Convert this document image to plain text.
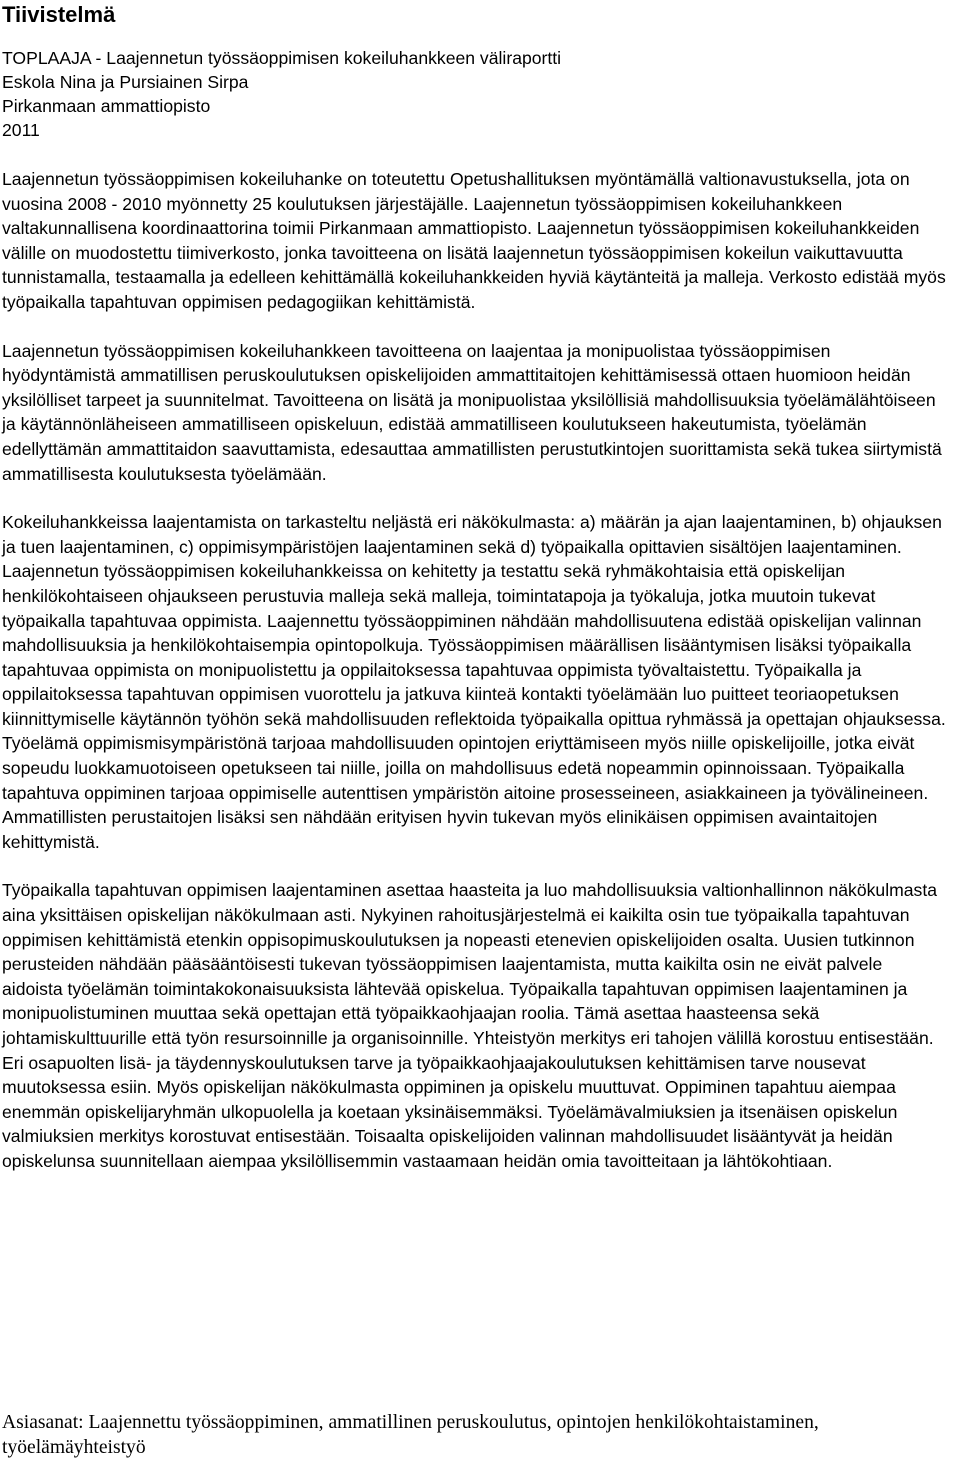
Tiivistelmä
TOPLAAJA - Laajennetun työssäoppimisen kokeiluhankkeen väliraportti
Eskola Nina ja Pursiainen Sirpa
Pirkanmaan ammattiopisto
2011

Laajennetun työssäoppimisen kokeiluhanke on toteutettu Opetushallituksen myöntämällä valtionavustuksella, jota on vuosina 2008 - 2010 myönnetty 25 koulutuksen järjestäjälle. Laajennetun työssäoppimisen kokeiluhankkeen valtakunnallisena koordinaattorina toimii Pirkanmaan ammattiopisto. Laajennetun työssäoppimisen kokeiluhankkeiden välille on muodostettu tiimiverkosto, jonka tavoitteena on lisätä laajennetun työssäoppimisen kokeilun vaikuttavuutta tunnistamalla, testaamalla ja edelleen kehittämällä kokeiluhankkeiden hyviä käytänteitä ja malleja. Verkosto edistää myös työpaikalla tapahtuvan oppimisen pedagogiikan kehittämistä.

Laajennetun työssäoppimisen kokeiluhankkeen tavoitteena on laajentaa ja monipuolistaa työssäoppimisen hyödyntämistä ammatillisen peruskoulutuksen opiskelijoiden ammattitaitojen kehittämisessä ottaen huomioon heidän yksilölliset tarpeet ja suunnitelmat. Tavoitteena on lisätä ja monipuolistaa yksilöllisiä mahdollisuuksia työelämälähtöiseen ja käytännönläheiseen ammatilliseen opiskeluun, edistää ammatilliseen koulutukseen hakeutumista, työelämän edellyttämän ammattitaidon saavuttamista, edesauttaa ammatillisten perustutkintojen suorittamista sekä tukea siirtymistä ammatillisesta koulutuksesta työelämään.

Kokeiluhankkeissa laajentamista on tarkasteltu neljästä eri näkökulmasta: a) määrän ja ajan laajentaminen, b) ohjauksen ja tuen laajentaminen, c) oppimisympäristöjen laajentaminen sekä d) työpaikalla opittavien sisältöjen laajentaminen. Laajennetun työssäoppimisen kokeiluhankkeissa on kehitetty ja testattu sekä ryhmäkohtaisia että opiskelijan henkilökohtaiseen ohjaukseen perustuvia malleja sekä malleja, toimintatapoja ja työkaluja, jotka muutoin tukevat työpaikalla tapahtuvaa oppimista. Laajennettu työssäoppiminen nähdään mahdollisuutena edistää opiskelijan valinnan mahdollisuuksia ja henkilökohtaisempia opintopolkuja. Työssäoppimisen määrällisen lisääntymisen lisäksi työpaikalla tapahtuvaa oppimista on monipuolistettu ja oppilaitoksessa tapahtuvaa oppimista työvaltaistettu. Työpaikalla ja oppilaitoksessa tapahtuvan oppimisen vuorottelu ja jatkuva kiinteä kontakti työelämään luo puitteet teoriaopetuksen kiinnittymiselle käytännön työhön sekä mahdollisuuden reflektoida työpaikalla opittua ryhmässä ja opettajan ohjauksessa. Työelämä oppimismisympäristönä tarjoaa mahdollisuuden opintojen eriyttämiseen myös niille opiskelijoille, jotka eivät sopeudu luokkamuotoiseen opetukseen tai niille, joilla on mahdollisuus edetä nopeammin opinnoissaan. Työpaikalla tapahtuva oppiminen tarjoaa oppimiselle autenttisen ympäristön aitoine prosesseineen, asiakkaineen ja työvälineineen. Ammatillisten perustaitojen lisäksi sen nähdään erityisen hyvin tukevan myös elinikäisen oppimisen avaintaitojen kehittymistä.

Työpaikalla tapahtuvan oppimisen laajentaminen asettaa haasteita ja luo mahdollisuuksia valtionhallinnon näkökulmasta aina yksittäisen opiskelijan näkökulmaan asti. Nykyinen rahoitusjärjestelmä ei kaikilta osin tue työpaikalla tapahtuvan oppimisen kehittämistä etenkin oppisopimuskoulutuksen ja nopeasti etenevien opiskelijoiden osalta. Uusien tutkinnon perusteiden nähdään pääsääntöisesti tukevan työssäoppimisen laajentamista, mutta kaikilta osin ne eivät palvele aidoista työelämän toimintakokonaisuuksista lähtevää opiskelua. Työpaikalla tapahtuvan oppimisen laajentaminen ja monipuolistuminen muuttaa sekä opettajan että työpaikkaohjaajan roolia. Tämä asettaa haasteensa sekä johtamiskulttuurille että työn resursoinnille ja organisoinnille. Yhteistyön merkitys eri tahojen välillä korostuu entisestään. Eri osapuolten lisä- ja täydennyskoulutuksen tarve ja työpaikkaohjaajakoulutuksen kehittämisen tarve nousevat muutoksessa esiin. Myös opiskelijan näkökulmasta oppiminen ja opiskelu muuttuvat. Oppiminen tapahtuu aiempaa enemmän opiskelijaryhmän ulkopuolella ja koetaan yksinäisemmäksi. Työelämävalmiuksien ja itsenäisen opiskelun valmiuksien merkitys korostuvat entisestään. Toisaalta opiskelijoiden valinnan mahdollisuudet lisääntyvät ja heidän opiskelunsa suunnitellaan aiempaa yksilöllisemmin vastaamaan heidän omia tavoitteitaan ja lähtökohtiaan.

Asiasanat: Laajennettu työssäoppiminen, ammatillinen peruskoulutus, opintojen henkilökohtaistaminen, työelämäyhteistyö
